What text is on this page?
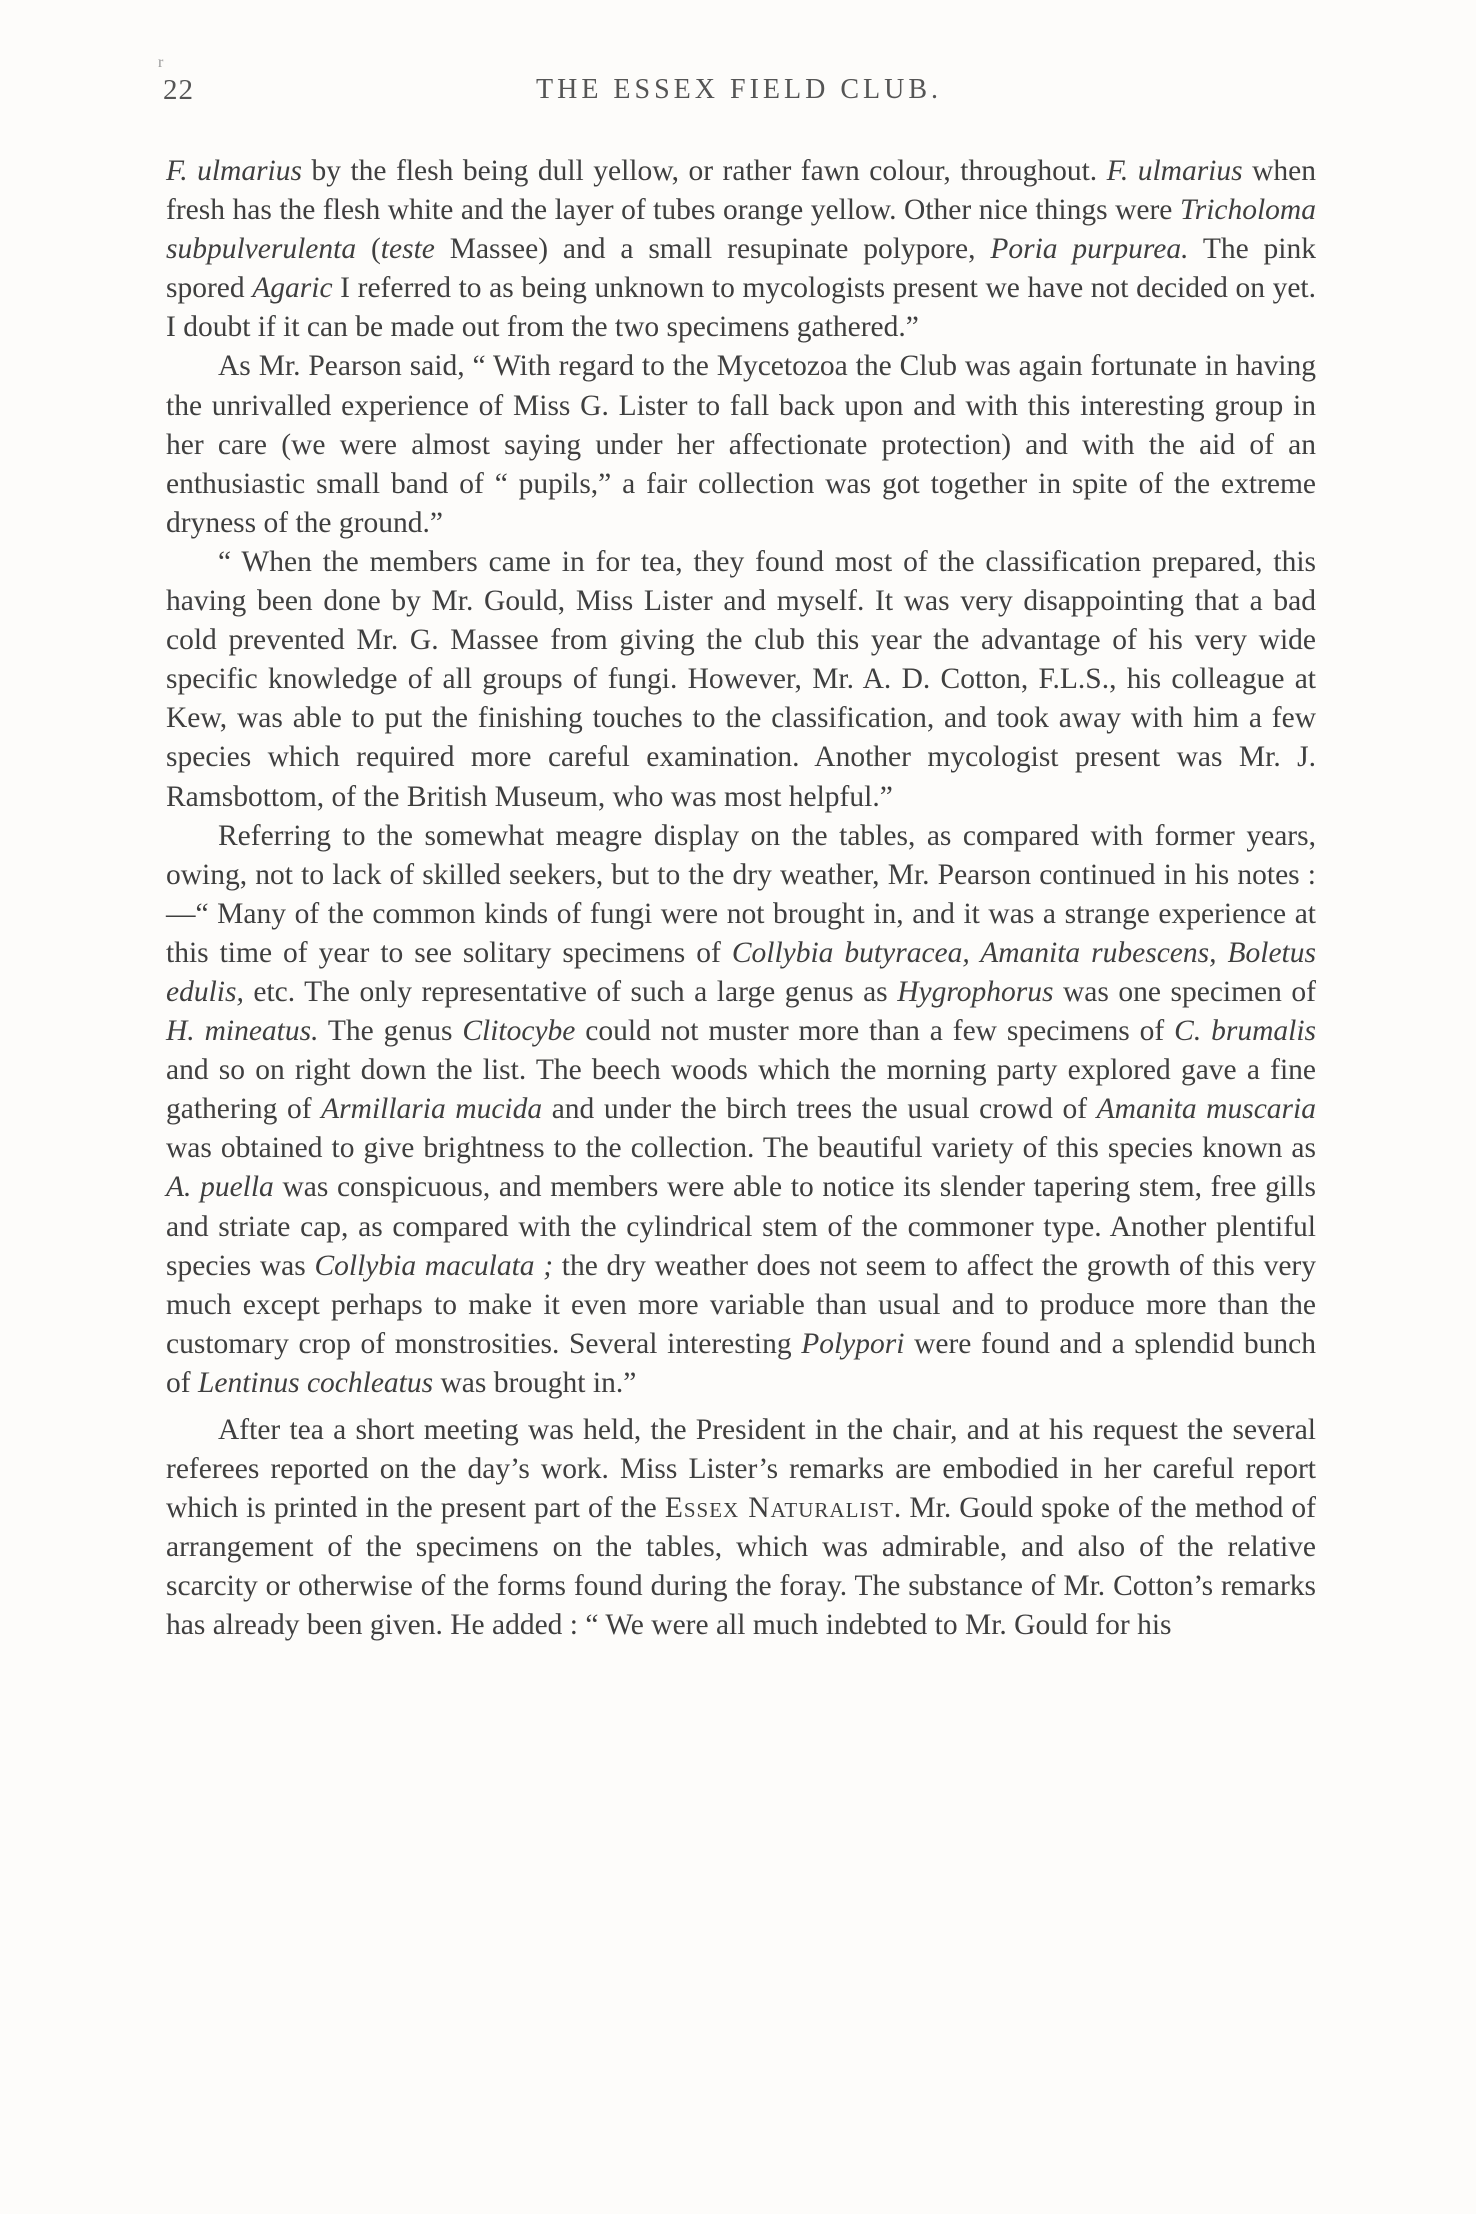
r
22	THE ESSEX FIELD CLUB.

F. ulmarius by the flesh being dull yellow, or rather fawn colour, throughout. F. ulmarius when fresh has the flesh white and the layer of tubes orange yellow. Other nice things were Tricholoma subpulverulenta (teste Massee) and a small resupinate polypore, Poria purpurea. The pink spored Agaric I referred to as being unknown to mycologists present we have not decided on yet. I doubt if it can be made out from the two specimens gathered.”

As Mr. Pearson said, “ With regard to the Mycetozoa the Club was again fortunate in having the unrivalled experience of Miss G. Lister to fall back upon and with this interesting group in her care (we were almost saying under her affectionate protection) and with the aid of an enthusiastic small band of “ pupils,” a fair collection was got together in spite of the extreme dryness of the ground.”

“ When the members came in for tea, they found most of the classification prepared, this having been done by Mr. Gould, Miss Lister and myself. It was very disappointing that a bad cold prevented Mr. G. Massee from giving the club this year the advantage of his very wide specific knowledge of all groups of fungi. However, Mr. A. D. Cotton, F.L.S., his colleague at Kew, was able to put the finishing touches to the classification, and took away with him a few species which required more careful examination. Another mycologist present was Mr. J. Ramsbottom, of the British Museum, who was most helpful.”

Referring to the somewhat meagre display on the tables, as compared with former years, owing, not to lack of skilled seekers, but to the dry weather, Mr. Pearson continued in his notes :—“ Many of the common kinds of fungi were not brought in, and it was a strange experience at this time of year to see solitary specimens of Collybia butyracea, Amanita rubescens, Boletus edulis, etc. The only representative of such a large genus as Hygrophorus was one specimen of H. mineatus. The genus Clitocybe could not muster more than a few specimens of C. brumalis and so on right down the list. The beech woods which the morning party explored gave a fine gathering of Armillaria mucida and under the birch trees the usual crowd of Amanita muscaria was obtained to give brightness to the collection. The beautiful variety of this species known as A. puella was conspicuous, and members were able to notice its slender tapering stem, free gills and striate cap, as compared with the cylindrical stem of the commoner type. Another plentiful species was Collybia maculata ; the dry weather does not seem to affect the growth of this very much except perhaps to make it even more variable than usual and to produce more than the customary crop of monstrosities. Several interesting Polypori were found and a splendid bunch of Lentinus cochleatus was brought in.”

After tea a short meeting was held, the President in the chair, and at his request the several referees reported on the day’s work. Miss Lister’s remarks are embodied in her careful report which is printed in the present part of the Essex Naturalist. Mr. Gould spoke of the method of arrangement of the specimens on the tables, which was admirable, and also of the relative scarcity or otherwise of the forms found during the foray. The substance of Mr. Cotton’s remarks has already been given. He added : “ We were all much indebted to Mr. Gould for his
